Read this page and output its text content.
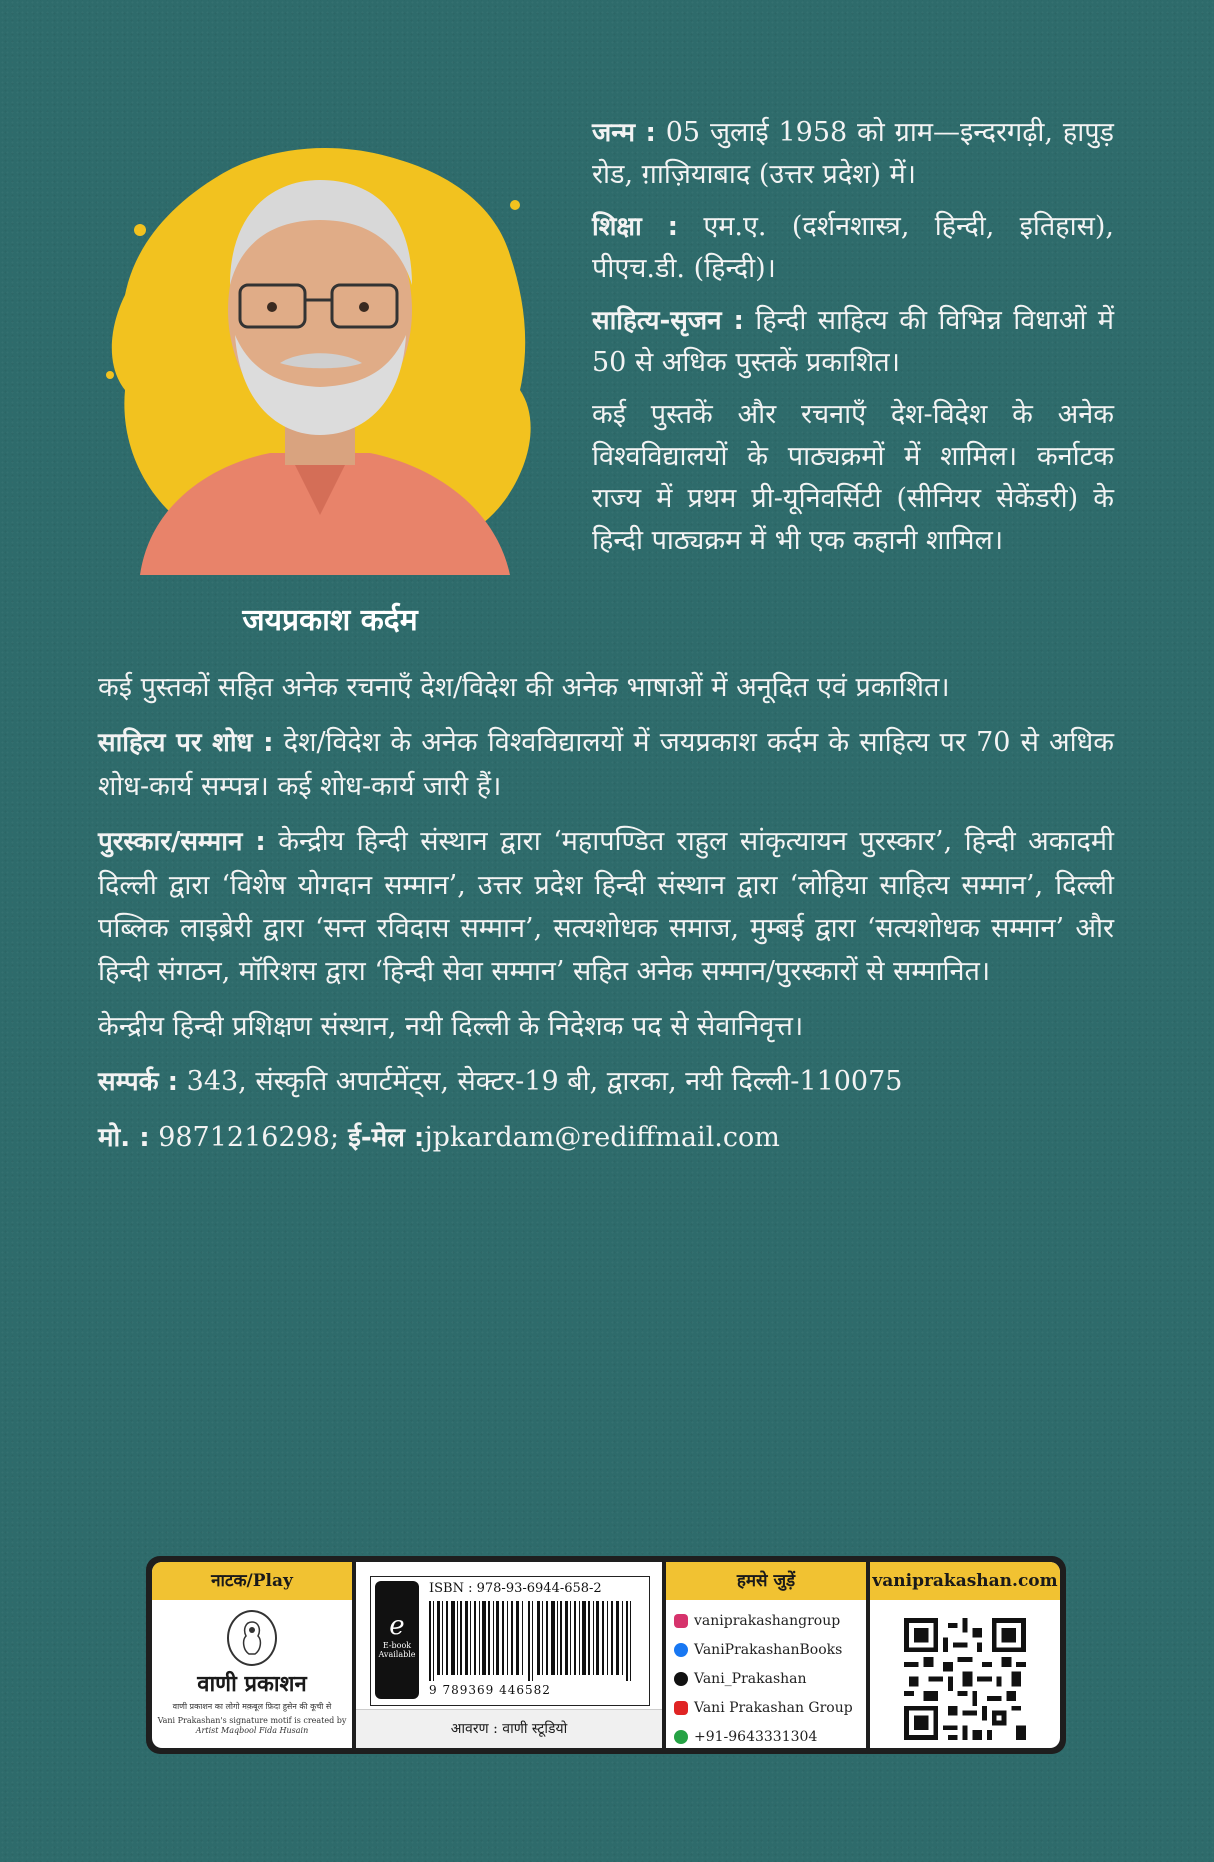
जयप्रकाश कर्दम

जन्म : 05 जुलाई 1958 को ग्राम—इन्दरगढ़ी, हापुड़ रोड, ग़ाज़ियाबाद (उत्तर प्रदेश) में।

शिक्षा : एम.ए. (दर्शनशास्त्र, हिन्दी, इतिहास), पीएच.डी. (हिन्दी)।

साहित्य-सृजन : हिन्दी साहित्य की विभिन्न विधाओं में 50 से अधिक पुस्तकें प्रकाशित।

कई पुस्तकें और रचनाएँ देश-विदेश के अनेक विश्वविद्यालयों के पाठ्यक्रमों में शामिल। कर्नाटक राज्य में प्रथम प्री-यूनिवर्सिटी (सीनियर सेकेंडरी) के हिन्दी पाठ्यक्रम में भी एक कहानी शामिल।

कई पुस्तकों सहित अनेक रचनाएँ देश/विदेश की अनेक भाषाओं में अनूदित एवं प्रकाशित।

साहित्य पर शोध : देश/विदेश के अनेक विश्वविद्यालयों में जयप्रकाश कर्दम के साहित्य पर 70 से अधिक शोध-कार्य सम्पन्न। कई शोध-कार्य जारी हैं।

पुरस्कार/सम्मान : केन्द्रीय हिन्दी संस्थान द्वारा ‘महापण्डित राहुल सांकृत्यायन पुरस्कार’, हिन्दी अकादमी दिल्ली द्वारा ‘विशेष योगदान सम्मान’, उत्तर प्रदेश हिन्दी संस्थान द्वारा ‘लोहिया साहित्य सम्मान’, दिल्ली पब्लिक लाइब्रेरी द्वारा ‘सन्त रविदास सम्मान’, सत्यशोधक समाज, मुम्बई द्वारा ‘सत्यशोधक सम्मान’ और हिन्दी संगठन, मॉरिशस द्वारा ‘हिन्दी सेवा सम्मान’ सहित अनेक सम्मान/पुरस्कारों से सम्मानित।

केन्द्रीय हिन्दी प्रशिक्षण संस्थान, नयी दिल्ली के निदेशक पद से सेवानिवृत्त।

सम्पर्क : 343, संस्कृति अपार्टमेंट्स, सेक्टर-19 बी, द्वारका, नयी दिल्ली-110075

मो. : 9871216298; ई-मेल :jpkardam@rediffmail.com

नाटक/Play
वाणी प्रकाशन
वाणी प्रकाशन का लोगो मक़बूल फ़िदा हुसेन की कूची से
Vani Prakashan's signature motif is created by
Artist Maqbool Fida Husain
e
E-book Available
ISBN : 978-93-6944-658-2
9 789369 446582
आवरण : वाणी स्टूडियो
हमसे जुड़ें
vaniprakashangroup
VaniPrakashanBooks
Vani_Prakashan
Vani Prakashan Group
+91-9643331304
vaniprakashan.com
